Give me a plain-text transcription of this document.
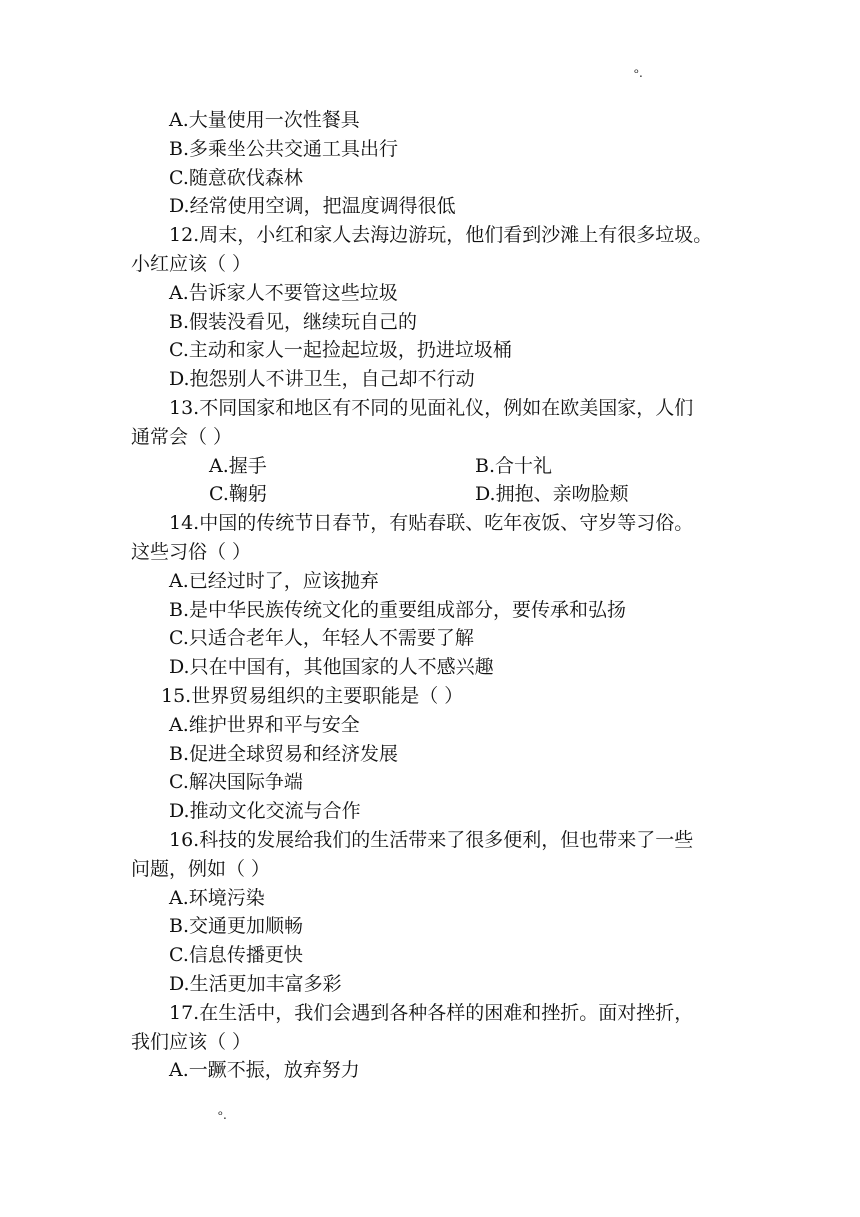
ᵒ.
A.大量使用一次性餐具
B.多乘坐公共交通工具出行
C.随意砍伐森林
D.经常使用空调，把温度调得很低
12.周末，小红和家人去海边游玩，他们看到沙滩上有很多垃圾。
小红应该（ ）
A.告诉家人不要管这些垃圾
B.假装没看见，继续玩自己的
C.主动和家人一起捡起垃圾，扔进垃圾桶
D.抱怨别人不讲卫生，自己却不行动
13.不同国家和地区有不同的见面礼仪，例如在欧美国家，人们
通常会（ ）
A.握手	B.合十礼
C.鞠躬	D.拥抱、亲吻脸颊
14.中国的传统节日春节，有贴春联、吃年夜饭、守岁等习俗。
这些习俗（ ）
A.已经过时了，应该抛弃
B.是中华民族传统文化的重要组成部分，要传承和弘扬
C.只适合老年人，年轻人不需要了解
D.只在中国有，其他国家的人不感兴趣
15.世界贸易组织的主要职能是（ ）
A.维护世界和平与安全
B.促进全球贸易和经济发展
C.解决国际争端
D.推动文化交流与合作
16.科技的发展给我们的生活带来了很多便利，但也带来了一些
问题，例如（ ）
A.环境污染
B.交通更加顺畅
C.信息传播更快
D.生活更加丰富多彩
17.在生活中，我们会遇到各种各样的困难和挫折。面对挫折，
我们应该（ ）
A.一蹶不振，放弃努力
ᵒ.
